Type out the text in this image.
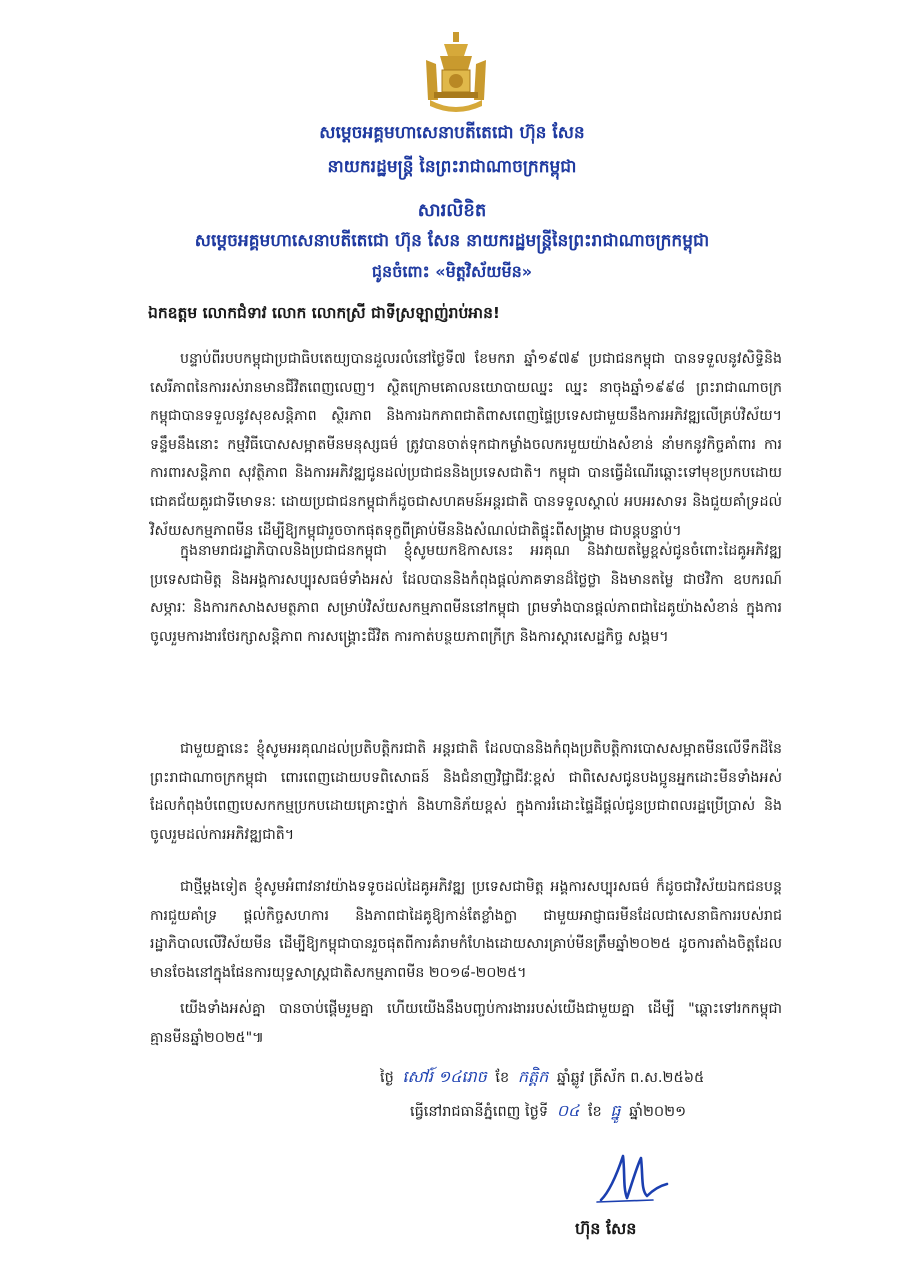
សម្តេចអគ្គមហាសេនាបតីតេជោ ហ៊ុន សែន
នាយករដ្ឋមន្ត្រី នៃព្រះរាជាណាចក្រកម្ពុជា
សារលិខិត
សម្តេចអគ្គមហាសេនាបតីតេជោ ហ៊ុន សែន នាយករដ្ឋមន្ត្រីនៃព្រះរាជាណាចក្រកម្ពុជា
ជូនចំពោះ «មិត្តវិស័យមីន»
ឯកឧត្តម លោកជំទាវ លោក លោកស្រី ជាទីស្រឡាញ់រាប់អាន!

បន្ទាប់ពីរបបកម្ពុជាប្រជាធិបតេយ្យបានដួលរលំនៅថ្ងៃទី៧ ខែមករា ឆ្នាំ១៩៧៩ ប្រជាជនកម្ពុជា បានទទួលនូវសិទ្ធិនិងសេរីភាពនៃការរស់រានមានជីវិតពេញលេញ។ ស្ថិតក្រោមគោលនយោបាយឈ្នះ ឈ្នះ នាចុងឆ្នាំ១៩៩៨ ព្រះរាជាណាចក្រកម្ពុជាបានទទួលនូវសុខសន្តិភាព ស្ថិរភាព និងការឯកភាពជាតិពាសពេញផ្ទៃប្រទេសជាមួយនឹងការអភិវឌ្ឍលើគ្រប់វិស័យ។ ទន្ទឹមនឹងនោះ កម្មវិធីបោសសម្អាតមីនមនុស្សធម៌ ត្រូវបានចាត់ទុកជាកម្លាំងចលករមួយយ៉ាងសំខាន់ នាំមកនូវកិច្ចគាំពារ ការការពារសន្តិភាព សុវត្ថិភាព និងការអភិវឌ្ឍជូនដល់ប្រជាជននិងប្រទេសជាតិ។ កម្ពុជា បានធ្វើដំណើរឆ្ពោះទៅមុខប្រកបដោយជោគជ័យគួរជាទីមោទនៈ ដោយប្រជាជនកម្ពុជាក៏ដូចជាសហគមន៍អន្តរជាតិ បានទទួលស្គាល់ អបអរសាទរ និងជួយគាំទ្រដល់វិស័យសកម្មភាពមីន ដើម្បីឱ្យកម្ពុជារួចចាកផុតទុក្ខពីគ្រាប់មីននិងសំណល់ជាតិផ្ទុះពីសង្គ្រាម ជាបន្តបន្ទាប់។

ក្នុងនាមរាជរដ្ឋាភិបាលនិងប្រជាជនកម្ពុជា ខ្ញុំសូមយកឱកាសនេះ អរគុណ និងវាយតម្លៃខ្ពស់ជូនចំពោះដៃគូអភិវឌ្ឍ ប្រទេសជាមិត្ត និងអង្គការសប្បុរសធម៌ទាំងអស់ ដែលបាននិងកំពុងផ្តល់ភាគទានដ៏ថ្លៃថ្លា និងមានតម្លៃ ជាថវិកា ឧបករណ៍សម្ភារៈ និងការកសាងសមត្ថភាព សម្រាប់វិស័យសកម្មភាពមីននៅកម្ពុជា ព្រមទាំងបានផ្តល់ភាពជាដៃគូយ៉ាងសំខាន់ ក្នុងការចូលរួមការងារថែរក្សាសន្តិភាព ការសង្គ្រោះជីវិត ការកាត់បន្ថយភាពក្រីក្រ និងការស្តារសេដ្ឋកិច្ច សង្គម។

ជាមួយគ្នានេះ ខ្ញុំសូមអរគុណដល់ប្រតិបត្តិករជាតិ អន្តរជាតិ ដែលបាននិងកំពុងប្រតិបត្តិការបោសសម្អាតមីនលើទឹកដីនៃព្រះរាជាណាចក្រកម្ពុជា ពោរពេញដោយបទពិសោធន៍ និងជំនាញវិជ្ជាជីវៈខ្ពស់ ជាពិសេសជូនបងប្អូនអ្នកដោះមីនទាំងអស់ ដែលកំពុងបំពេញបេសកកម្មប្រកបដោយគ្រោះថ្នាក់ និងហានិភ័យខ្ពស់ ក្នុងការរំដោះផ្ទៃដីផ្តល់ជូនប្រជាពលរដ្ឋប្រើប្រាស់ និងចូលរួមដល់ការអភិវឌ្ឍជាតិ។

ជាថ្មីម្តងទៀត ខ្ញុំសូមអំពាវនាវយ៉ាងទទូចដល់ដៃគូអភិវឌ្ឍ ប្រទេសជាមិត្ត អង្គការសប្បុរសធម៌ ក៏ដូចជាវិស័យឯកជនបន្តការជួយគាំទ្រ ផ្តល់កិច្ចសហការ និងភាពជាដៃគូឱ្យកាន់តែខ្លាំងក្លា ជាមួយអាជ្ញាធរមីនដែលជាសេនាធិការរបស់រាជរដ្ឋាភិបាលលើវិស័យមីន ដើម្បីឱ្យកម្ពុជាបានរួចផុតពីការគំរាមកំហែងដោយសារគ្រាប់មីនត្រឹមឆ្នាំ២០២៥ ដូចការតាំងចិត្តដែលមានចែងនៅក្នុងផែនការយុទ្ធសាស្ត្រជាតិសកម្មភាពមីន ២០១៨-២០២៥។

យើងទាំងអស់គ្នា បានចាប់ផ្តើមរួមគ្នា ហើយយើងនឹងបញ្ចប់ការងាររបស់យើងជាមួយគ្នា ដើម្បី "ឆ្ពោះទៅរកកម្ពុជាគ្មានមីនឆ្នាំ២០២៥"៕

ថ្ងៃ សៅរ៍ ១៤រោច ខែ កត្តិក ឆ្នាំឆ្លូវ ត្រីស័ក ព.ស.២៥៦៥
ធ្វើនៅរាជធានីភ្នំពេញ ថ្ងៃទី ០៤ ខែ ធ្នូ ឆ្នាំ២០២១
ហ៊ុន សែន
